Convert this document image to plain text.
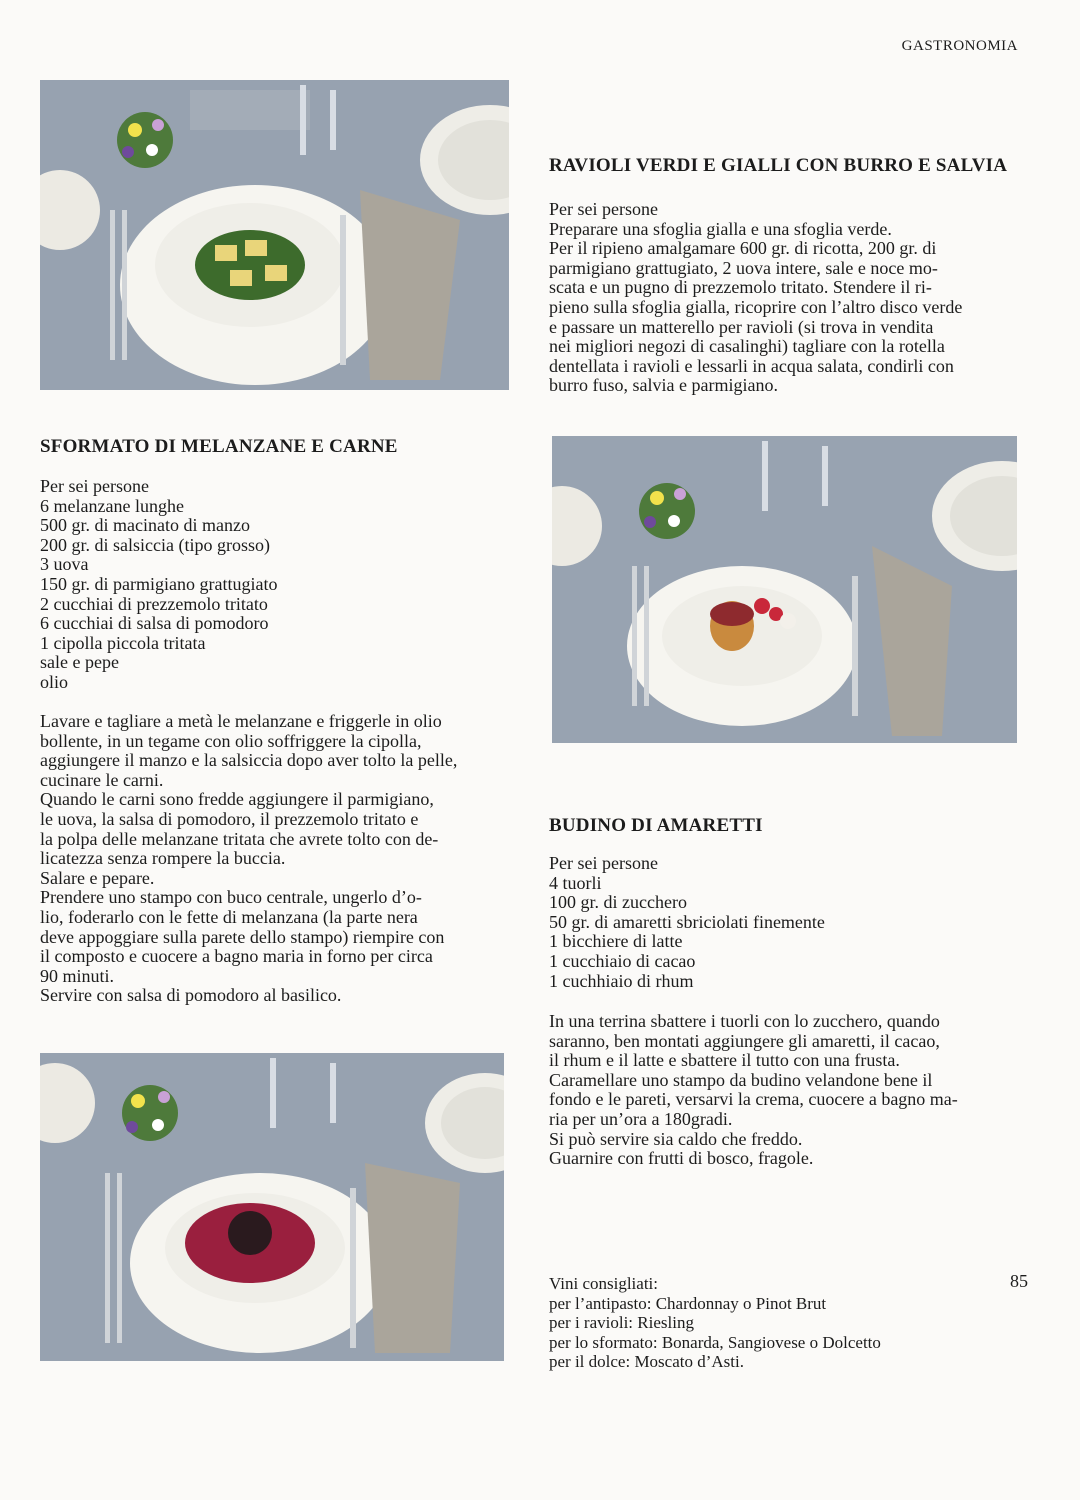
GASTRONOMIA
RAVIOLI VERDI E GIALLI CON BURRO E SALVIA
Per sei persone
Preparare una sfoglia gialla e una sfoglia verde.
Per il ripieno amalgamare 600 gr. di ricotta, 200 gr. di
parmigiano grattugiato, 2 uova intere, sale e noce mo-
scata e un pugno di prezzemolo tritato. Stendere il ri-
pieno sulla sfoglia gialla, ricoprire con l’altro disco verde
e passare un matterello per ravioli (si trova in vendita
nei migliori negozi di casalinghi) tagliare con la rotella
dentellata i ravioli e lessarli in acqua salata, condirli con
burro fuso, salvia e parmigiano.
SFORMATO DI MELANZANE E CARNE
Per sei persone
6 melanzane lunghe
500 gr. di macinato di manzo
200 gr. di salsiccia (tipo grosso)
3 uova
150 gr. di parmigiano grattugiato
2 cucchiai di prezzemolo tritato
6 cucchiai di salsa di pomodoro
1 cipolla piccola tritata
sale e pepe
olio
Lavare e tagliare a metà le melanzane e friggerle in olio
bollente, in un tegame con olio soffriggere la cipolla,
aggiungere il manzo e la salsiccia dopo aver tolto la pelle,
cucinare le carni.
Quando le carni sono fredde aggiungere il parmigiano,
le uova, la salsa di pomodoro, il prezzemolo tritato e
la polpa delle melanzane tritata che avrete tolto con de-
licatezza senza rompere la buccia.
Salare e pepare.
Prendere uno stampo con buco centrale, ungerlo d’o-
lio, foderarlo con le fette di melanzana (la parte nera
deve appoggiare sulla parete dello stampo) riempire con
il composto e cuocere a bagno maria in forno per circa
90 minuti.
Servire con salsa di pomodoro al basilico.
BUDINO DI AMARETTI
Per sei persone
4 tuorli
100 gr. di zucchero
50 gr. di amaretti sbriciolati finemente
1 bicchiere di latte
1 cucchiaio di cacao
1 cuchhiaio di rhum
In una terrina sbattere i tuorli con lo zucchero, quando
saranno, ben montati aggiungere gli amaretti, il cacao,
il rhum e il latte e sbattere il tutto con una frusta.
Caramellare uno stampo da budino velandone bene il
fondo e le pareti, versarvi la crema, cuocere a bagno ma-
ria per un’ora a 180gradi.
Si può servire sia caldo che freddo.
Guarnire con frutti di bosco, fragole.
Vini consigliati:
per l’antipasto: Chardonnay o Pinot Brut
per i ravioli: Riesling
per lo sformato: Bonarda, Sangiovese o Dolcetto
per il dolce: Moscato d’Asti.
85
